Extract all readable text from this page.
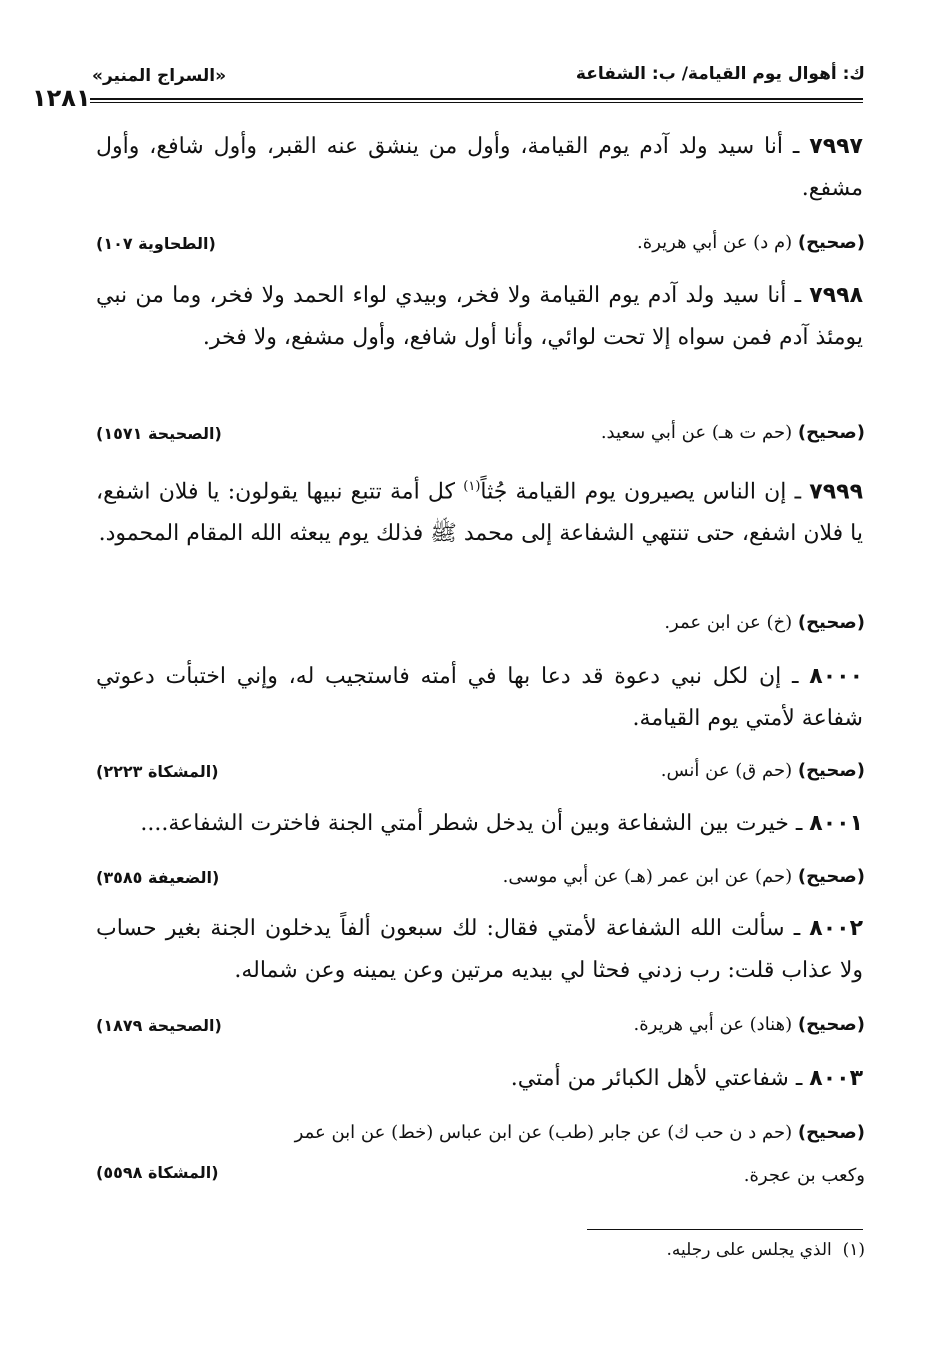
«السراج المنير»	ك: أهوال يوم القيامة/ ب: الشفاعة
١٢٨١
٧٩٩٧ ـ أنا سيد ولد آدم يوم القيامة، وأول من ينشق عنه القبر، وأول شافع، وأول مشفع.
(صحيح) (م د) عن أبي هريرة.
(الطحاوية ١٠٧)
٧٩٩٨ ـ أنا سيد ولد آدم يوم القيامة ولا فخر، وبيدي لواء الحمد ولا فخر، وما من نبي يومئذ آدم فمن سواه إلا تحت لوائي، وأنا أول شافع، وأول مشفع، ولا فخر.
(صحيح) (حم ت هـ) عن أبي سعيد.
(الصحيحة ١٥٧١)
٧٩٩٩ ـ إن الناس يصيرون يوم القيامة جُثاً$^{(١)}$ كل أمة تتبع نبيها يقولون: يا فلان اشفع، يا فلان اشفع، حتى تنتهي الشفاعة إلى محمد ﷺ فذلك يوم يبعثه الله المقام المحمود.
(صحيح) (خ) عن ابن عمر.
٨٠٠٠ ـ إن لكل نبي دعوة قد دعا بها في أمته فاستجيب له، وإني اختبأت دعوتي شفاعة لأمتي يوم القيامة.
(صحيح) (حم ق) عن أنس.
(المشكاة ٢٢٢٣)
٨٠٠١ ـ خيرت بين الشفاعة وبين أن يدخل شطر أمتي الجنة فاخترت الشفاعة....
(صحيح) (حم) عن ابن عمر (هـ) عن أبي موسى.
(الضعيفة ٣٥٨٥)
٨٠٠٢ ـ سألت الله الشفاعة لأمتي فقال: لك سبعون ألفاً يدخلون الجنة بغير حساب ولا عذاب قلت: رب زدني فحثا لي بيديه مرتين وعن يمينه وعن شماله.
(صحيح) (هناد) عن أبي هريرة.
(الصحيحة ١٨٧٩)
٨٠٠٣ ـ شفاعتي لأهل الكبائر من أمتي.
(صحيح) (حم د ن حب ك) عن جابر (طب) عن ابن عباس (خط) عن ابن عمر
وكعب بن عجرة.
(المشكاة ٥٥٩٨)
(١)  الذي يجلس على رجليه.
